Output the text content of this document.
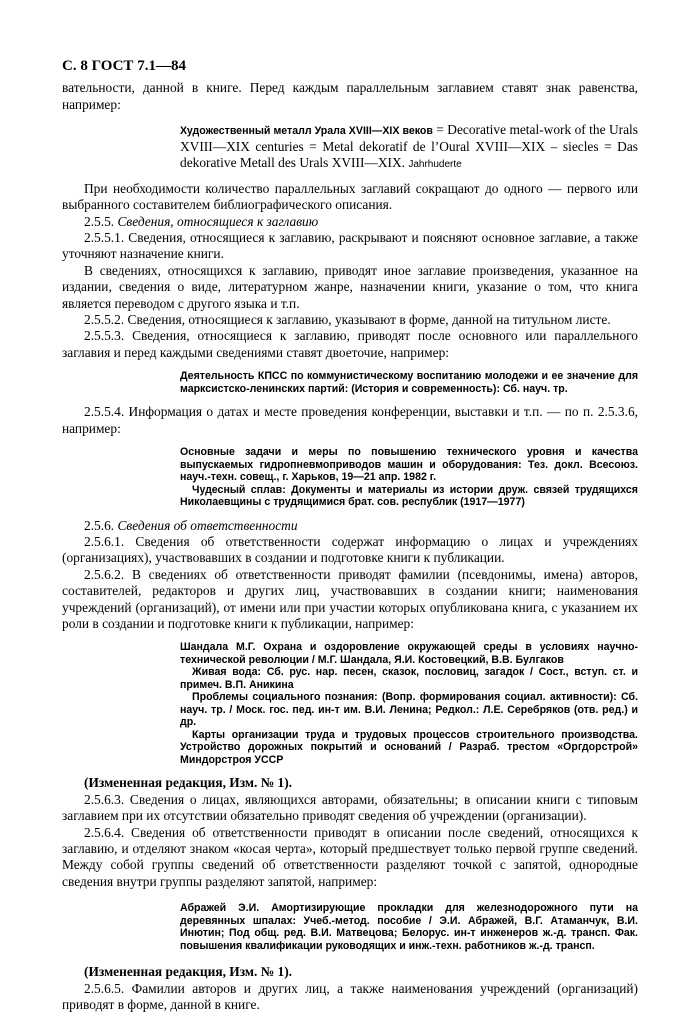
С. 8 ГОСТ 7.1—84

вательности, данной в книге. Перед каждым параллельным заглавием ставят знак равенства, например:

Художественный металл Урала XVIII—XIX веков = Decorative metal-work of the Urals XVIII—XIX centuries = Metal dekoratif de l’Oural XVIII—XIX – siecles = Das dekorative Metall des Urals XVIII—XIX. Jahrhuderte

При необходимости количество параллельных заглавий сокращают до одного — первого или выбранного составителем библиографического описания.

2.5.5. Сведения, относящиеся к заглавию

2.5.5.1. Сведения, относящиеся к заглавию, раскрывают и поясняют основное заглавие, а также уточняют назначение книги.

В сведениях, относящихся к заглавию, приводят иное заглавие произведения, указанное на издании, сведения о виде, литературном жанре, назначении книги, указание о том, что книга является переводом с другого языка и т.п.

2.5.5.2. Сведения, относящиеся к заглавию, указывают в форме, данной на титульном листе.

2.5.5.3. Сведения, относящиеся к заглавию, приводят после основного или параллельного заглавия и перед каждыми сведениями ставят двоеточие, например:

Деятельность КПСС по коммунистическому воспитанию молодежи и ее значение для марксистско-ленинских партий: (История и современность): Сб. науч. тр.

2.5.5.4. Информация о датах и месте проведения конференции, выставки и т.п. — по п. 2.5.3.6, например:

Основные задачи и меры по повышению технического уровня и качества выпускаемых гидропневмоприводов машин и оборудования: Тез. докл. Всесоюз. науч.-техн. совещ., г. Харьков, 19—21 апр. 1982 г.

Чудесный сплав: Документы и материалы из истории друж. связей трудящихся Николаевщины с трудящимися брат. сов. республик (1917—1977)

2.5.6. Сведения об ответственности

2.5.6.1. Сведения об ответственности содержат информацию о лицах и учреждениях (организациях), участвовавших в создании и подготовке книги к публикации.

2.5.6.2. В сведениях об ответственности приводят фамилии (псевдонимы, имена) авторов, составителей, редакторов и других лиц, участвовавших в создании книги; наименования учреждений (организаций), от имени или при участии которых опубликована книга, с указанием их роли в создании и подготовке книги к публикации, например:

Шандала М.Г. Охрана и оздоровление окружающей среды в условиях научно-технической революции / М.Г. Шандала, Я.И. Костовецкий, В.В. Булгаков

Живая вода: Сб. рус. нар. песен, сказок, пословиц, загадок / Сост., вступ. ст. и примеч. В.П. Аникина

Проблемы социального познания: (Вопр. формирования социал. активности): Сб. науч. тр. / Моск. гос. пед. ин-т им. В.И. Ленина; Редкол.: Л.Е. Серебряков (отв. ред.) и др.

Карты организации труда и трудовых процессов строительного производства. Устройство дорожных покрытий и оснований / Разраб. трестом «Оргдорстрой» Миндорстроя УССР

(Измененная редакция, Изм. № 1).

2.5.6.3. Сведения о лицах, являющихся авторами, обязательны; в описании книги с типовым заглавием при их отсутствии обязательно приводят сведения об учреждении (организации).

2.5.6.4. Сведения об ответственности приводят в описании после сведений, относящихся к заглавию, и отделяют знаком «косая черта», который предшествует только первой группе сведений. Между собой группы сведений об ответственности разделяют точкой с запятой, однородные сведения внутри группы разделяют запятой, например:

Абражей Э.И. Амортизирующие прокладки для железнодорожного пути на деревянных шпалах: Учеб.-метод. пособие / Э.И. Абражей, В.Г. Атаманчук, В.И. Инютин; Под общ. ред. В.И. Матвецова; Белорус. ин-т инженеров ж.-д. трансп. Фак. повышения квалификации руководящих и инж.-техн. работников ж.-д. трансп.

(Измененная редакция, Изм. № 1).

2.5.6.5. Фамилии авторов и других лиц, а также наименования учреждений (организаций) приводят в форме, данной в книге.
